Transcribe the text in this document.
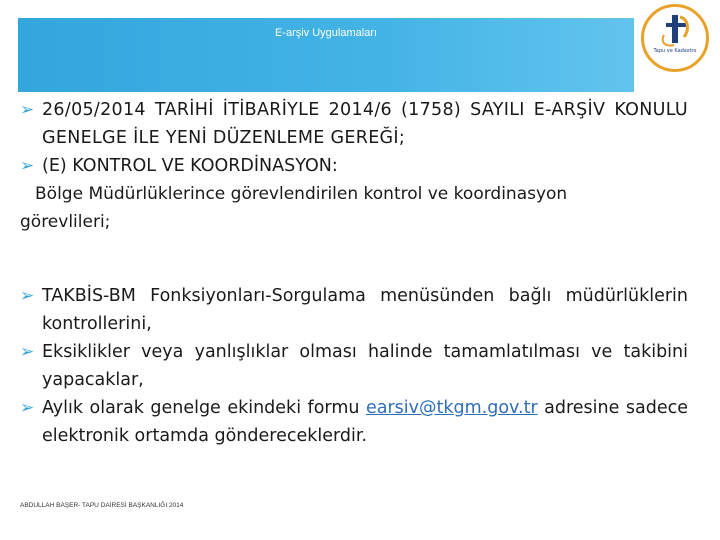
E-arşiv Uygulamaları
Tapu ve Kadastro
➢ 26/05/2014 TARİHİ İTİBARİYLE 2014/6 (1758) SAYILI E-ARŞİV KONULU GENELGE İLE YENİ DÜZENLEME GEREĞİ;
➢ (E) KONTROL VE KOORDİNASYON:
Bölge Müdürlüklerince görevlendirilen kontrol ve koordinasyon
görevlileri;
➢ TAKBİS-BM Fonksiyonları-Sorgulama menüsünden bağlı müdürlüklerin kontrollerini,
➢ Eksiklikler veya yanlışlıklar olması halinde tamamlatılması ve takibini yapacaklar,
➢ Aylık olarak genelge ekindeki formu earsiv@tkgm.gov.tr adresine sadece elektronik ortamda göndereceklerdir.
ABDULLAH BAŞER- TAPU DAİRESİ BAŞKANLIĞI 2014
